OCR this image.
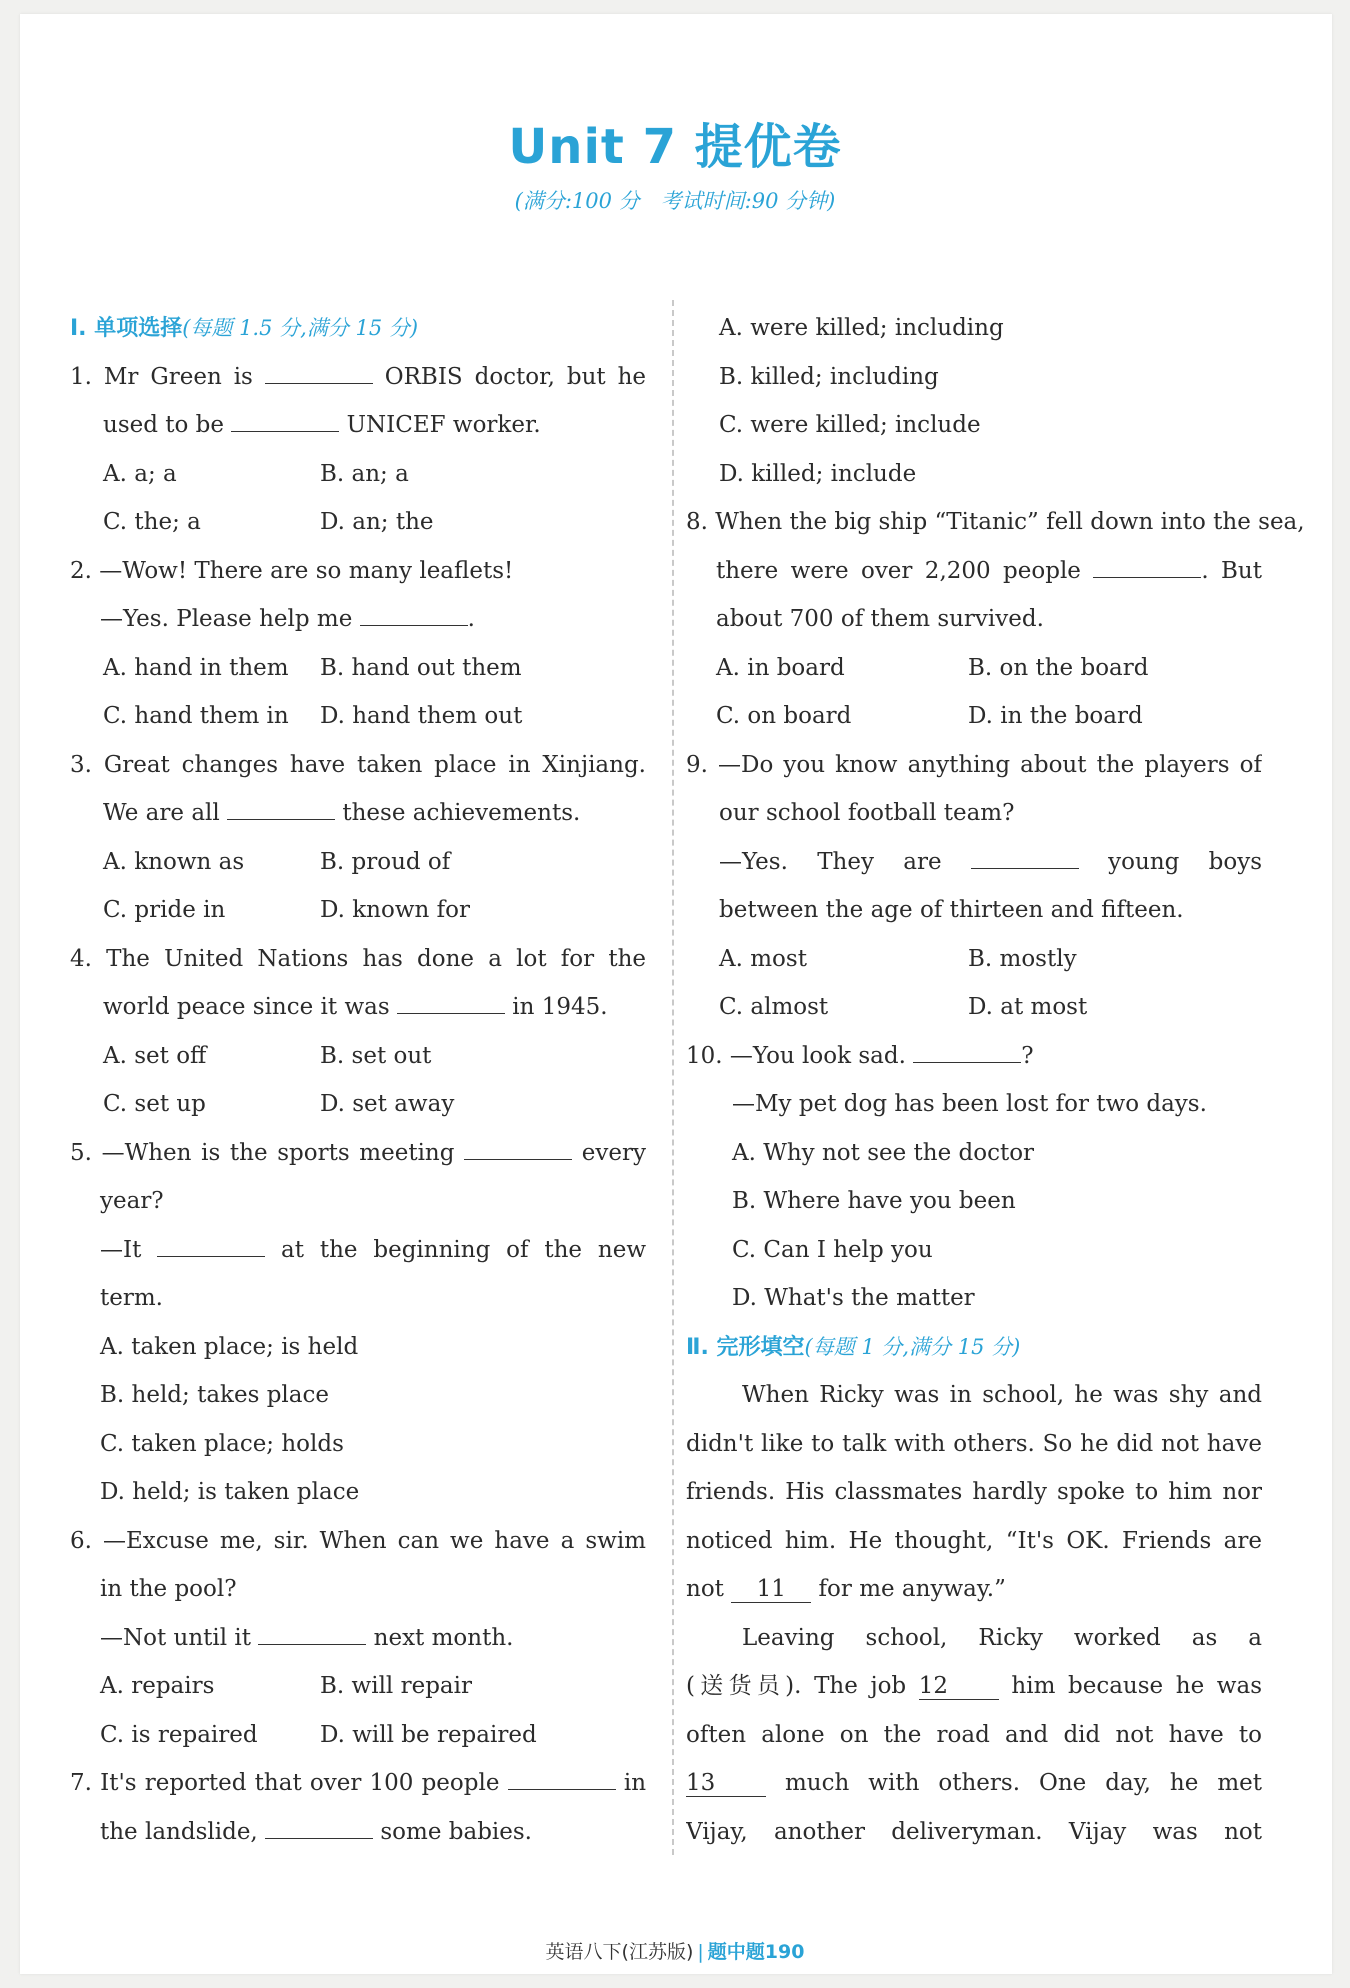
Unit 7 提优卷
(满分:100 分　考试时间:90 分钟)
Ⅰ. 单项选择(每题 1.5 分,满分 15 分)
1. Mr Green is	ORBIS doctor, but he
used to be	UNICEF worker.
A. a; a	B. an; a
C. the; a	D. an; the
2. —Wow! There are so many leaflets!
—Yes. Please help me	.
A. hand in them B. hand out them
C. hand them in D. hand them out
3. Great changes have taken place in Xinjiang.
We are all	these achievements.
A. known as	B. proud of
C. pride in	D. known for
4. The United Nations has done a lot for the
world peace since it was	in 1945.
A. set off	B. set out
C. set up	D. set away
5. —When is the sports meeting	every
year?
—It	at the beginning of the new
term.
A. taken place; is held
B. held; takes place
C. taken place; holds
D. held; is taken place
6. —Excuse me, sir. When can we have a swim
in the pool?
—Not until it	next month.
A. repairs	B. will repair
C. is repaired	D. will be repaired
7. It's reported that over 100 people	in
the landslide,	some babies.
A. were killed; including
B. killed; including
C. were killed; include
D. killed; include
8. When the big ship “Titanic” fell down into the sea,
there were over 2,200 people	. But
about 700 of them survived.
A. in board	B. on the board
C. on board	D. in the board
9. —Do you know anything about the players of
our school football team?
—Yes. They are	young boys
between the age of thirteen and fifteen.
A. most	B. mostly
C. almost	D. at most
10. —You look sad.	?
—My pet dog has been lost for two days.
A. Why not see the doctor
B. Where have you been
C. Can I help you
D. What's the matter
Ⅱ. 完形填空(每题 1 分,满分 15 分)
When Ricky was in school, he was shy and
didn't like to talk with others. So he did not have
friends. His classmates hardly spoke to him nor
noticed him. He thought, “It's OK. Friends are
not 11 for me anyway.”
Leaving school, Ricky worked as a
(送货员). The job 12	him because he was
often alone on the road and did not have to
13	much with others. One day, he met
Vijay, another deliveryman. Vijay was not
英语八下(江苏版) | 题中题190
